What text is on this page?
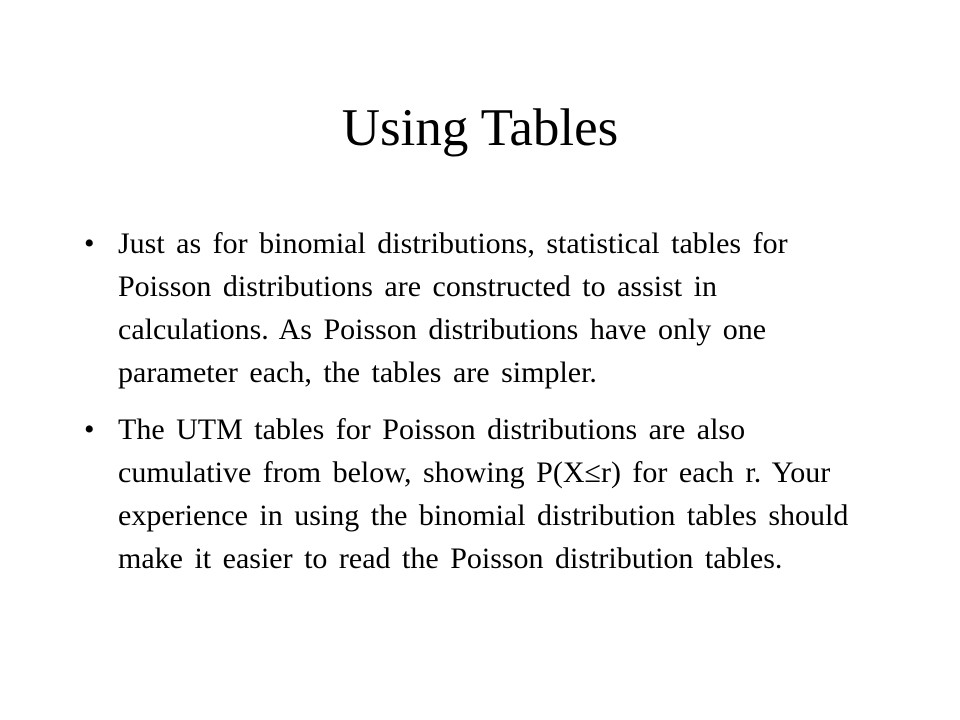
Using Tables
• Just as for binomial distributions, statistical tables for Poisson distributions are constructed to assist in calculations. As Poisson distributions have only one parameter each, the tables are simpler.
• The UTM tables for Poisson distributions are also cumulative from below, showing P(X≤r) for each r. Your experience in using the binomial distribution tables should make it easier to read the Poisson distribution tables.
